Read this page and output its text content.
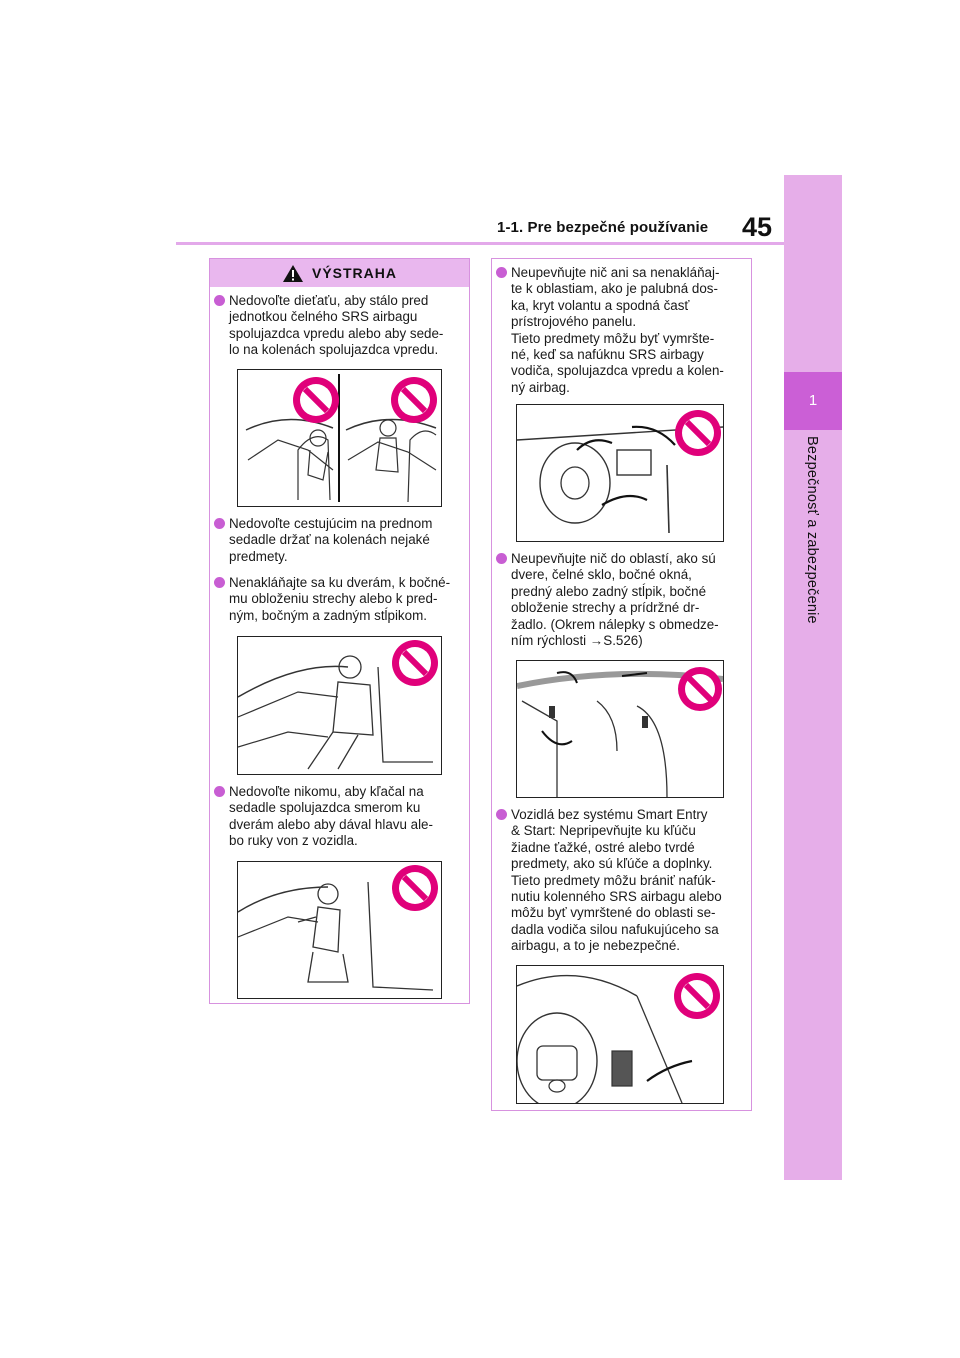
1-1. Pre bezpečné používanie 45
1
Bezpečnosť a zabezpečenie
VÝSTRAHA
Nedovoľte dieťaťu, aby stálo pred
jednotkou čelného SRS airbagu
spolujazdca vpredu alebo aby sede-
lo na kolenách spolujazdca vpredu.
Nedovoľte cestujúcim na prednom
sedadle držať na kolenách nejaké
predmety.
Nenakláňajte sa ku dverám, k bočné-
mu obloženiu strechy alebo k pred-
ným, bočným a zadným stĺpikom.
Nedovoľte nikomu, aby kľačal na
sedadle spolujazdca smerom ku
dverám alebo aby dával hlavu ale-
bo ruky von z vozidla.
Neupevňujte nič ani sa nenakláňaj-
te k oblastiam, ako je palubná dos-
ka, kryt volantu a spodná časť
prístrojového panelu.
Tieto predmety môžu byť vymršte-
né, keď sa nafúknu SRS airbagy
vodiča, spolujazdca vpredu a kolen-
ný airbag.
Neupevňujte nič do oblastí, ako sú
dvere, čelné sklo, bočné okná,
predný alebo zadný stĺpik, bočné
obloženie strechy a prídržné dr-
žadlo. (Okrem nálepky s obmedze-
ním rýchlosti →S.526)
Vozidlá bez systému Smart Entry
& Start: Nepripevňujte ku kľúču
žiadne ťažké, ostré alebo tvrdé
predmety, ako sú kľúče a doplnky.
Tieto predmety môžu brániť nafúk-
nutiu kolenného SRS airbagu alebo
môžu byť vymrštené do oblasti se-
dadla vodiča silou nafukujúceho sa
airbagu, a to je nebezpečné.
